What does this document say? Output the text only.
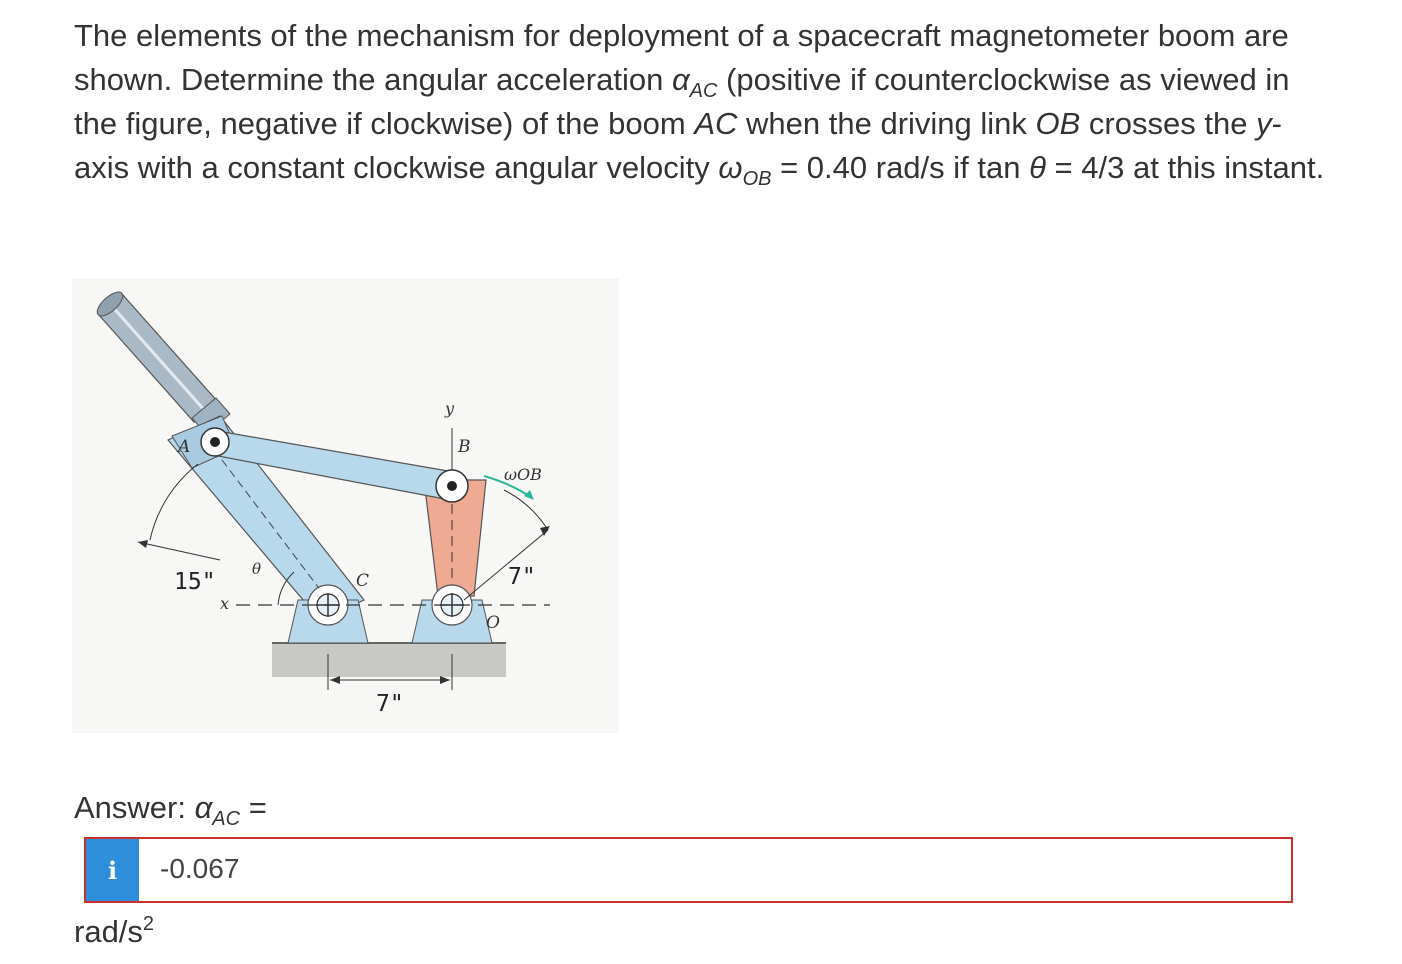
The elements of the mechanism for deployment of a spacecraft magnetometer boom are shown. Determine the angular acceleration $\alpha_{AC}$ (positive if counterclockwise as viewed in the figure, negative if clockwise) of the boom AC when the driving link OB crosses the y-axis with a constant clockwise angular velocity $\omega_{OB} = 0.40$ rad/s if tan θ = 4/3 at this instant.
A	B
C
O
x
y
θ
ωOB
15"	7"
7"
Answer: $\alpha_{AC}$ =
i	-0.067
rad/$s^2$
